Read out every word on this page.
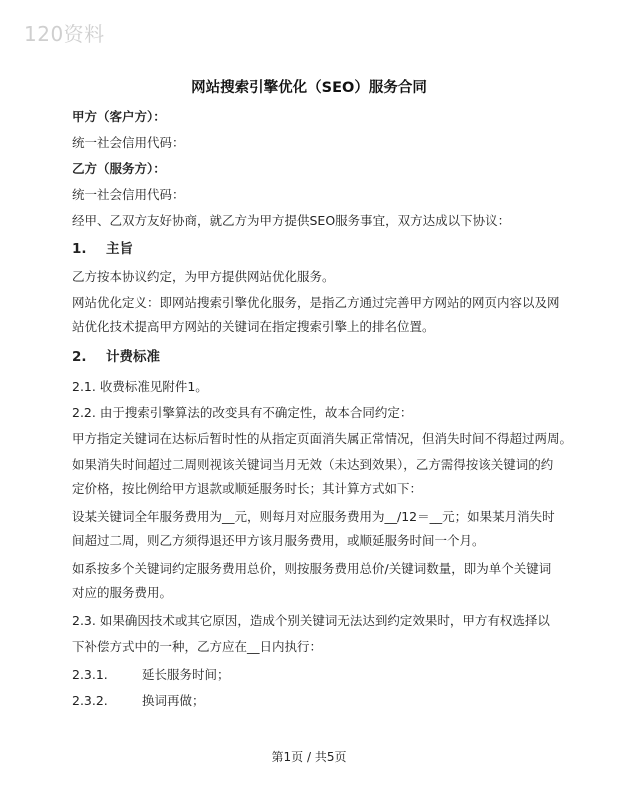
120资料
网站搜索引擎优化（SEO）服务合同
甲方（客户方）：
统一社会信用代码：
乙方（服务方）：
统一社会信用代码：
经甲、乙双方友好协商，就乙方为甲方提供SEO服务事宜，双方达成以下协议：
1. 主旨
乙方按本协议约定，为甲方提供网站优化服务。
网站优化定义：即网站搜索引擎优化服务，是指乙方通过完善甲方网站的网页内容以及网
站优化技术提高甲方网站的关键词在指定搜索引擎上的排名位置。
2. 计费标准
2.1. 收费标准见附件1。
2.2. 由于搜索引擎算法的改变具有不确定性，故本合同约定：
甲方指定关键词在达标后暂时性的从指定页面消失属正常情况，但消失时间不得超过两周。
如果消失时间超过二周则视该关键词当月无效（未达到效果），乙方需得按该关键词的约
定价格，按比例给甲方退款或顺延服务时长；其计算方式如下：
设某关键词全年服务费用为__元，则每月对应服务费用为__/12＝__元；如果某月消失时
间超过二周，则乙方须得退还甲方该月服务费用，或顺延服务时间一个月。
如系按多个关键词约定服务费用总价，则按服务费用总价/关键词数量，即为单个关键词
对应的服务费用。
2.3. 如果确因技术或其它原因，造成个别关键词无法达到约定效果时，甲方有权选择以
下补偿方式中的一种，乙方应在__日内执行：
2.3.1.	延长服务时间；
2.3.2.	换词再做；
第1页 / 共5页
